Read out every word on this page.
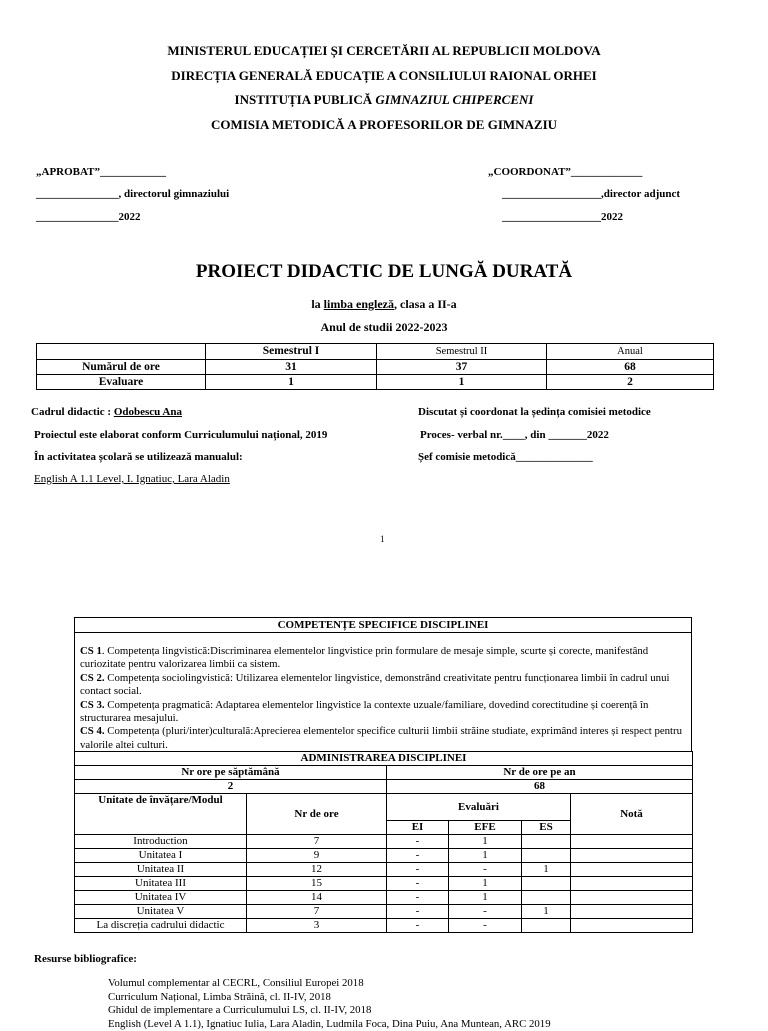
MINISTERUL EDUCAȚIEI ȘI CERCETĂRII AL REPUBLICII MOLDOVA
DIRECȚIA GENERALĂ EDUCAȚIE A CONSILIULUI RAIONAL ORHEI
INSTITUȚIA PUBLICĂ GIMNAZIUL CHIPERCENI
COMISIA METODICĂ A PROFESORILOR DE GIMNAZIU
„APROBAT”____________
_______________, directorul gimnaziului
_______________2022
„COORDONAT”_____________
__________________,director adjunct
__________________2022
PROIECT DIDACTIC DE LUNGĂ DURATĂ
la limba engleză, clasa a II-a
Anul de studii 2022-2023
	Semestrul I	Semestrul II	Anual
Numărul de ore	31	37	68
Evaluare	1	1	2
Cadrul didactic : Odobescu Ana
Proiectul este elaborat conform Curriculumului național, 2019
În activitatea școlară se utilizează manualul:
English A 1.1 Level, I. Ignatiuc, Lara Aladin
Discutat și coordonat la ședința comisiei metodice
Proces- verbal nr.____, din _______2022
Șef comisie metodică______________
1
COMPETENȚE SPECIFICE DISCIPLINEI
CS 1. Competența lingvistică:Discriminarea elementelor lingvistice prin formulare de mesaje simple, scurte și corecte, manifestând curiozitate pentru valorizarea limbii ca sistem.
CS 2. Competența sociolingvistică: Utilizarea elementelor lingvistice, demonstrând creativitate pentru funcționarea limbii în cadrul unui contact social.
CS 3. Competența pragmatică: Adaptarea elementelor lingvistice la contexte uzuale/familiare, dovedind corectitudine și coerență în structurarea mesajului.
CS 4. Competența (pluri/inter)culturală:Aprecierea elementelor specifice culturii limbii străine studiate, exprimând interes și respect pentru valorile altei culturi.
ADMINISTRAREA DISCIPLINEI					
Nr ore pe săptămână		Nr de ore pe an			
2		68			
Unitate de învățare/Modul	Nr de ore	Evaluări			Notă
		EI	EFE	ES	
Introduction	7	-	1		
Unitatea I	9	-	1		
Unitatea II	12	-	-	1	
Unitatea III	15	-	1		
Unitatea IV	14	-	1		
Unitatea V	7	-	-	1	
La discreția cadrului didactic	3	-	-		
Resurse bibliografice:
Volumul complementar al CECRL, Consiliul Europei 2018
Curriculum Național, Limba Străină, cl. II-IV, 2018
Ghidul de implementare a Curriculumului LS, cl. II-IV, 2018
English (Level A 1.1), Ignatiuc Iulia, Lara Aladin, Ludmila Foca, Dina Puiu, Ana Muntean, ARC 2019
